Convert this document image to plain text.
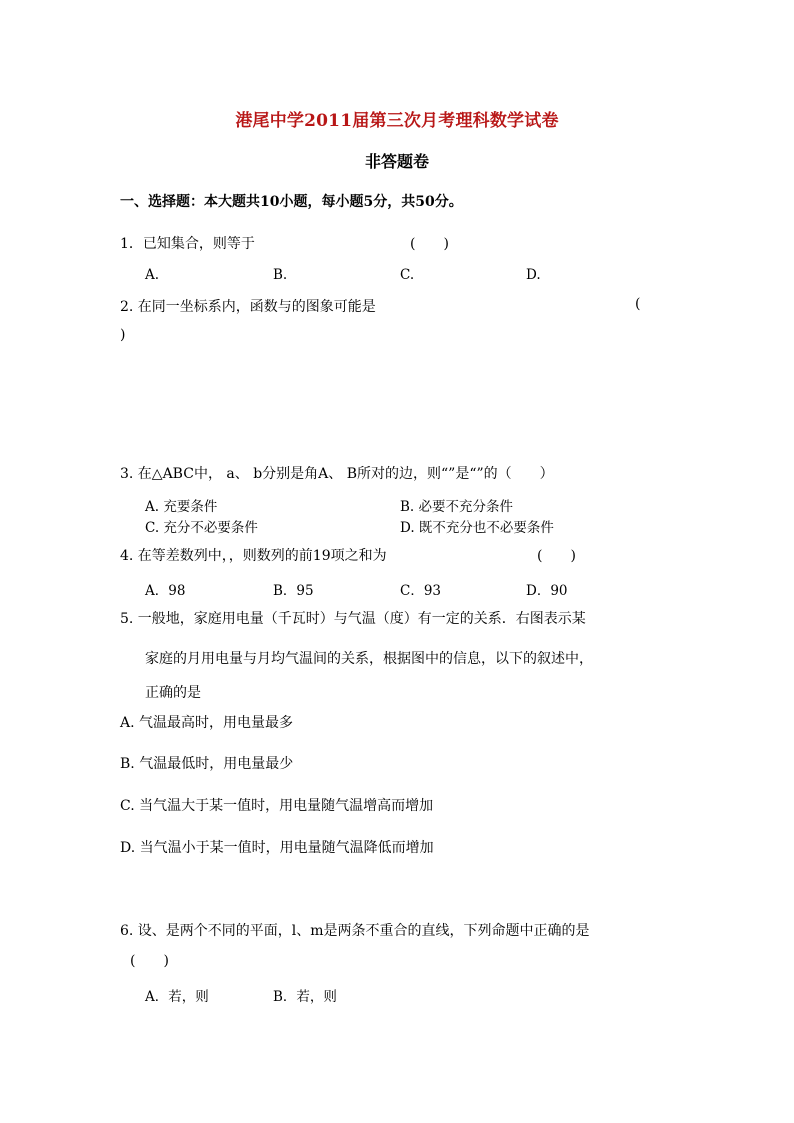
港尾中学2011届第三次月考理科数学试卷
非答题卷
一、选择题：本大题共10小题，每小题5分，共50分。
1．已知集合，则等于	(　　)
A.	B.	C.	D.
2. 在同一坐标系内，函数与的图象可能是	(
)
3. 在△ABC中， a、 b分别是角A、 B所对的边，则“”是“”的（　　）
A. 充要条件	B. 必要不充分条件
C. 充分不必要条件	D. 既不充分也不必要条件
4. 在等差数列中，，则数列的前19项之和为	(　　)
A．98	B．95	C．93	D．90
5. 一般地，家庭用电量（千瓦时）与气温（度）有一定的关系．右图表示某
家庭的月用电量与月均气温间的关系，根据图中的信息，以下的叙述中，
正确的是
A. 气温最高时，用电量最多
B. 气温最低时，用电量最少
C. 当气温大于某一值时，用电量随气温增高而增加
D. 当气温小于某一值时，用电量随气温降低而增加
6. 设、是两个不同的平面，l、m是两条不重合的直线，下列命题中正确的是
(　　)
A．若，则	B．若，则
